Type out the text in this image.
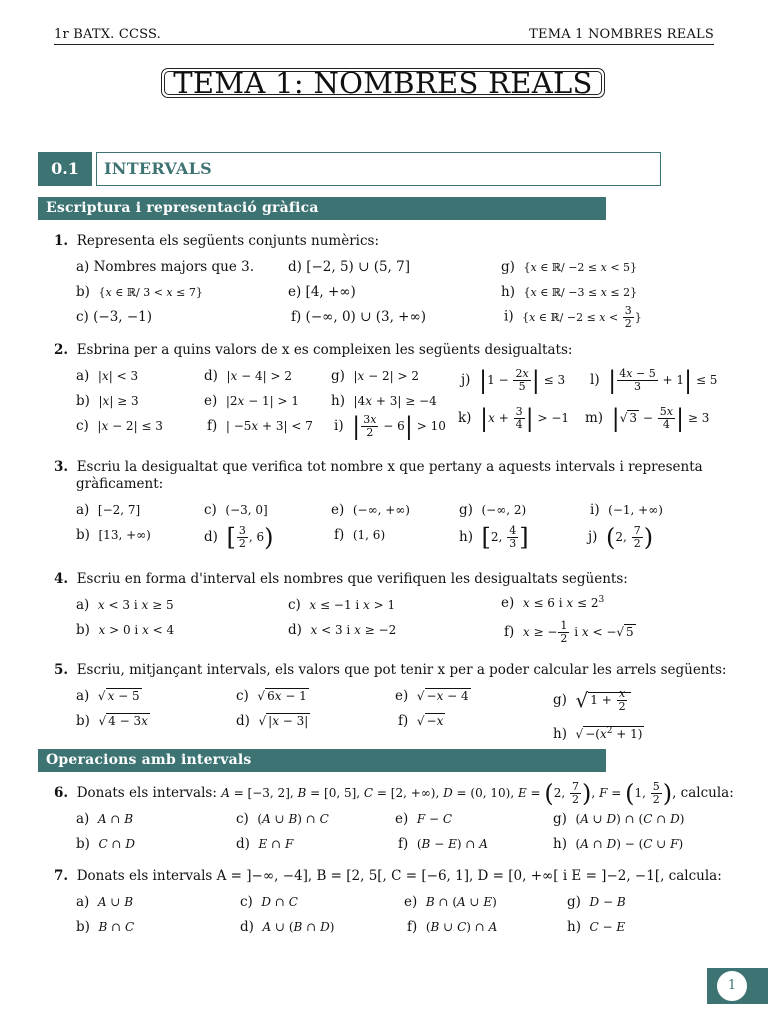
1r BATX. CCSS.	TEMA 1 NOMBRES REALS
TEMA 1: NOMBRES REALS
0.1	INTERVALS
Escriptura i representació gràfica
1. Representa els següents conjunts numèrics:
a) Nombres majors que 3.
b)  {x ∈ ℝ/ 3 < x ≤ 7}
c) (−3, −1)
d) [−2, 5) ∪ (5, 7]
e) [4, +∞)
f) (−∞, 0) ∪ (3, +∞)
g)  {x ∈ ℝ/ −2 ≤ x < 5}
h)  {x ∈ ℝ/ −3 ≤ x ≤ 2}
i)  {x ∈ ℝ/ $-2 \le x < \frac{3}{2}$ }
2. Esbrina per a quins valors de x es compleixen les següents desigualtats:
a)  |x| < 3
b)  |x| ≥ 3
c)  |x − 2| ≤ 3
d)  |x − 4| > 2
e)  |2x − 1| > 1
f)  | −5x + 3| < 7
g)  |x − 2| > 2
h)  |4x + 3| ≥ −4
i)  | $\frac{3x}{2} - 6| > 10$
j)  $|1 - \frac{2x}{5}$ | ≤ 3
k)  $|x + \frac{3}{4}$ | > −1
l)  | $\frac{4x - 5}{3} + 1| \le 5$
m)  |√ $3 - \frac{5x}{4}$ | ≥ 3
3. Escriu la desigualtat que verifica tot nombre x que pertany a aquests intervals i representa
gràficament:
a)  [−2, 7]
b)  [13, +∞)
c)  (−3, 0]
d)  [ $\frac{3}{2}$ , 6)
e)  (−∞, +∞)
f)  (1, 6)
g)  (−∞, 2)
h)  [2, $\frac{4}{3}$ ]
i)  (−1, +∞)
j)  (2, $\frac{7}{2}$ )
4. Escriu en forma d'interval els nombres que verifiquen les desigualtats següents:
a)  x < 3 i x ≥ 5
b)  x > 0 i x < 4
c)  x ≤ −1 i x > 1
d)  x < 3 i x ≥ −2
e)  x ≤ 6 i $x \le 2^3$
f)  x ≥ − $\frac{1}{2}$ i x < −√ 5
5. Escriu, mitjançant intervals, els valors que pot tenir x per a poder calcular les arrels següents:
a)  √ x − 5
b)  √ 4 − 3x
c)  √ 6x − 1
d)  √ |x − 3|
e)  √ −x − 4
f)  √ −x
g)  √ $1 + \frac{x}{2}$
h)  √ $-(x^2 + 1)$
Operacions amb intervals
6. Donats els intervals: A = [−3, 2], B = [0, 5], C = [2, +∞), D = (0, 10), E = (2, $\frac{7}{2}$ ), F = (1, $\frac{5}{2}$ ), calcula:
a)  A ∩ B
b)  C ∩ D
c)  (A ∪ B) ∩ C
d)  E ∩ F
e)  F − C
f)  (B − E) ∩ A
g)  (A ∪ D) ∩ (C ∩ D)
h)  (A ∩ D) − (C ∪ F)
7. Donats els intervals A = ]−∞, −4], B = [2, 5[, C = [−6, 1], D = [0, +∞[ i E = ]−2, −1[, calcula:
a)  A ∪ B
b)  B ∩ C
c)  D ∩ C
d)  A ∪ (B ∩ D)
e)  B ∩ (A ∪ E)
f)  (B ∪ C) ∩ A
g)  D − B
h)  C − E
1
